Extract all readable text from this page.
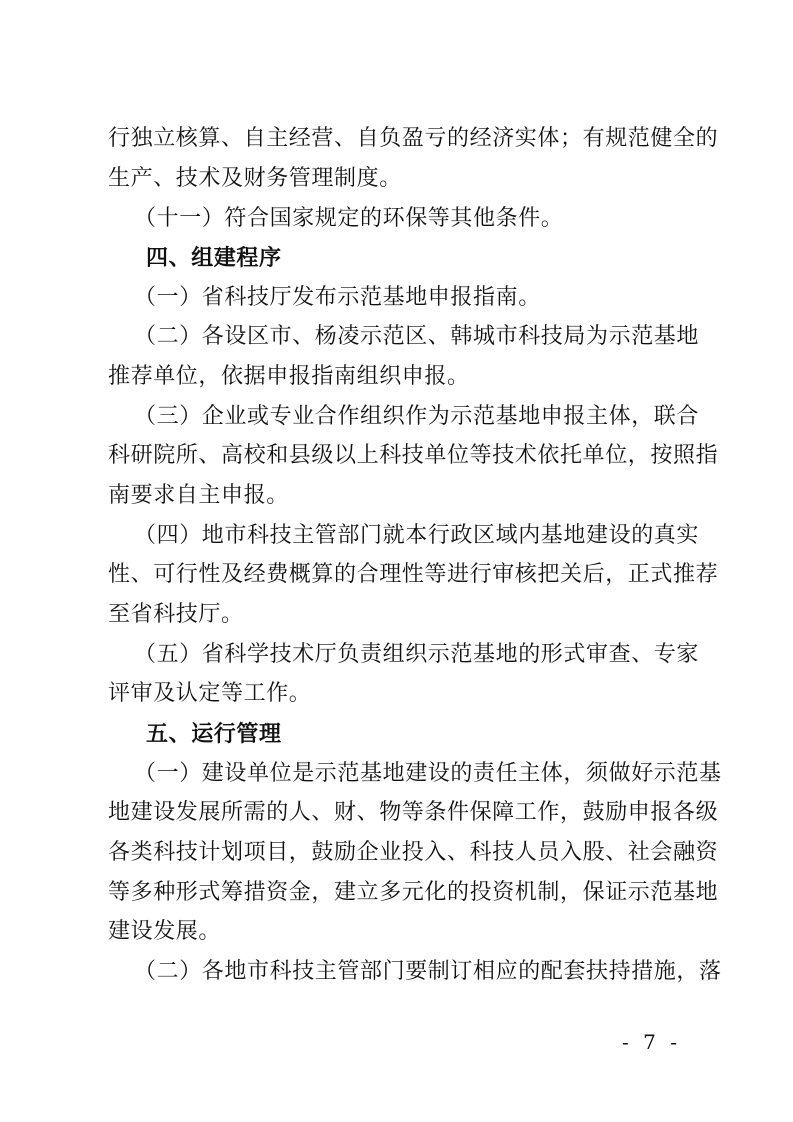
行独立核算、自主经营、自负盈亏的经济实体；有规范健全的
生产、技术及财务管理制度。
（十一）符合国家规定的环保等其他条件。
四、组建程序
（一）省科技厅发布示范基地申报指南。
（二）各设区市、杨凌示范区、韩城市科技局为示范基地
推荐单位，依据申报指南组织申报。
（三）企业或专业合作组织作为示范基地申报主体，联合
科研院所、高校和县级以上科技单位等技术依托单位，按照指
南要求自主申报。
（四）地市科技主管部门就本行政区域内基地建设的真实
性、可行性及经费概算的合理性等进行审核把关后，正式推荐
至省科技厅。
（五）省科学技术厅负责组织示范基地的形式审查、专家
评审及认定等工作。
五、运行管理
（一）建设单位是示范基地建设的责任主体，须做好示范基
地建设发展所需的人、财、物等条件保障工作，鼓励申报各级
各类科技计划项目，鼓励企业投入、科技人员入股、社会融资
等多种形式筹措资金，建立多元化的投资机制，保证示范基地
建设发展。
（二）各地市科技主管部门要制订相应的配套扶持措施，落
- 7 -
